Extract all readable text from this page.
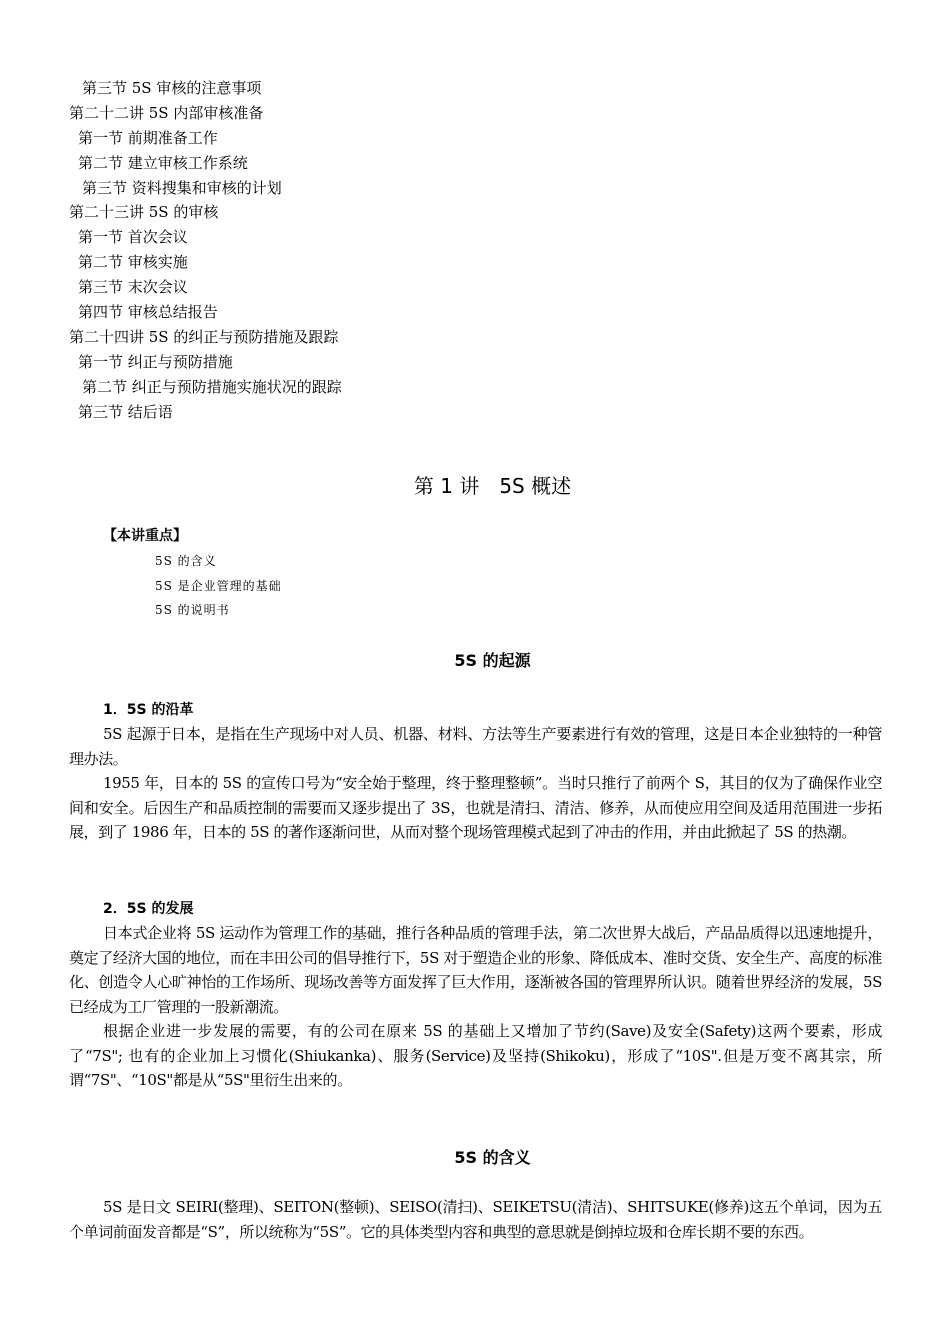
第三节 5S 审核的注意事项
第二十二讲 5S 内部审核准备
第一节 前期准备工作
第二节 建立审核工作系统
第三节 资料搜集和审核的计划
第二十三讲 5S 的审核
第一节 首次会议
第二节 审核实施
第三节 末次会议
第四节 审核总结报告
第二十四讲 5S 的纠正与预防措施及跟踪
第一节 纠正与预防措施
第二节 纠正与预防措施实施状况的跟踪
第三节 结后语
第 1 讲　5S 概述
【本讲重点】
5S 的含义
5S 是企业管理的基础
5S 的说明书
5S 的起源
1．5S 的沿革
5S 起源于日本，是指在生产现场中对人员、机器、材料、方法等生产要素进行有效的管理，这是日本企业独特的一种管理办法。
1955 年，日本的 5S 的宣传口号为“安全始于整理，终于整理整顿”。当时只推行了前两个 S，其目的仅为了确保作业空间和安全。后因生产和品质控制的需要而又逐步提出了 3S，也就是清扫、清洁、修养，从而使应用空间及适用范围进一步拓展，到了 1986 年，日本的 5S 的著作逐渐问世，从而对整个现场管理模式起到了冲击的作用，并由此掀起了 5S 的热潮。
2．5S 的发展
日本式企业将 5S 运动作为管理工作的基础，推行各种品质的管理手法，第二次世界大战后，产品品质得以迅速地提升，奠定了经济大国的地位，而在丰田公司的倡导推行下，5S 对于塑造企业的形象、降低成本、准时交货、安全生产、高度的标准化、创造令人心旷神怡的工作场所、现场改善等方面发挥了巨大作用，逐渐被各国的管理界所认识。随着世界经济的发展，5S 已经成为工厂管理的一股新潮流。
根据企业进一步发展的需要，有的公司在原来 5S 的基础上又增加了节约(Save)及安全(Safety)这两个要素，形成了“7S"; 也有的企业加上习惯化(Shiukanka)、服务(Service)及坚持(Shikoku)，形成了“10S".但是万变不离其宗，所谓“7S"、“10S"都是从“5S"里衍生出来的。
5S 的含义
5S 是日文 SEIRI(整理)、SEITON(整顿)、SEISO(清扫)、SEIKETSU(清洁)、SHITSUKE(修养)这五个单词，因为五个单词前面发音都是“S”，所以统称为“5S”。它的具体类型内容和典型的意思就是倒掉垃圾和仓库长期不要的东西。
